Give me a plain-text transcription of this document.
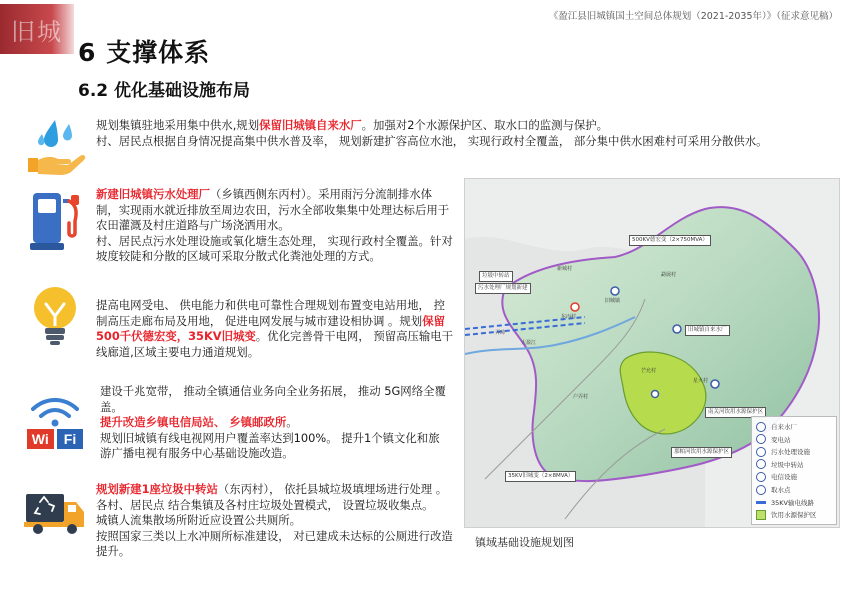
旧城
《盈江县旧城镇国土空间总体规划（2021-2035年）》（征求意见稿）
6 支撑体系
6.2 优化基础设施布局

规划集镇驻地采用集中供水,规划保留旧城镇自来水厂。加强对2个水源保护区、取水口的监测与保护。

村、居民点根据自身情况提高集中供水普及率， 规划新建扩容高位水池， 实现行政村全覆盖， 部分集中供水困难村可采用分散供水。

新建旧城镇污水处理厂（乡镇西侧东丙村）。采用雨污分流制排水体制，实现雨水就近排放至周边农田，污水全部收集集中处理达标后用于农田灌溉及村庄道路与广场浇洒用水。

村、居民点污水处理设施或氧化塘生态处理， 实现行政村全覆盖。针对坡度较陡和分散的区域可采取分散式化粪池处理的方式。

提高电网受电、 供电能力和供电可靠性合理规划布置变电站用地， 控制高压走廊布局及用地， 促进电网发展与城市建设相协调 。规划保留500千伏德宏变，35KV旧城变。优化完善骨干电网， 预留高压输电干线廊道,区域主要电力通道规划。

Wi	Fi

建设千兆宽带， 推动全镇通信业务向全业务拓展， 推动 5G网络全覆盖。

提升改造乡镇电信局站、 乡镇邮政所。

规划旧城镇有线电视网用户覆盖率达到100%。 提升1个镇文化和旅游广播电视有服务中心基础设施改造。

规划新建1座垃圾中转站（东丙村）， 依托县城垃圾填埋场进行处理 。

各村、居民点 结合集镇及各村庄垃圾处置模式， 设置垃圾收集点。

城镇人流集散场所附近应设置公共厕所。

按照国家三类以上水冲厕所标准建设， 对已建成未达标的公厕进行改造提升。

500KV德宏变（2×750MVA）
35KV旧城变（2×8MVA）
污水处理厂规划新建
垃圾中转站
旧城镇自来水厂
南关河饮用水源保护区
那帕河饮用水源保护区
旧城镇
东丙村
新城村
勐展村
弄璋
芒允村
户弄村
星火村
大盈江
自来水厂
变电站
污水处理设施
垃圾中转站
电信设施
取水点
35KV输电线路
饮用水源保护区
镇域基础设施规划图
